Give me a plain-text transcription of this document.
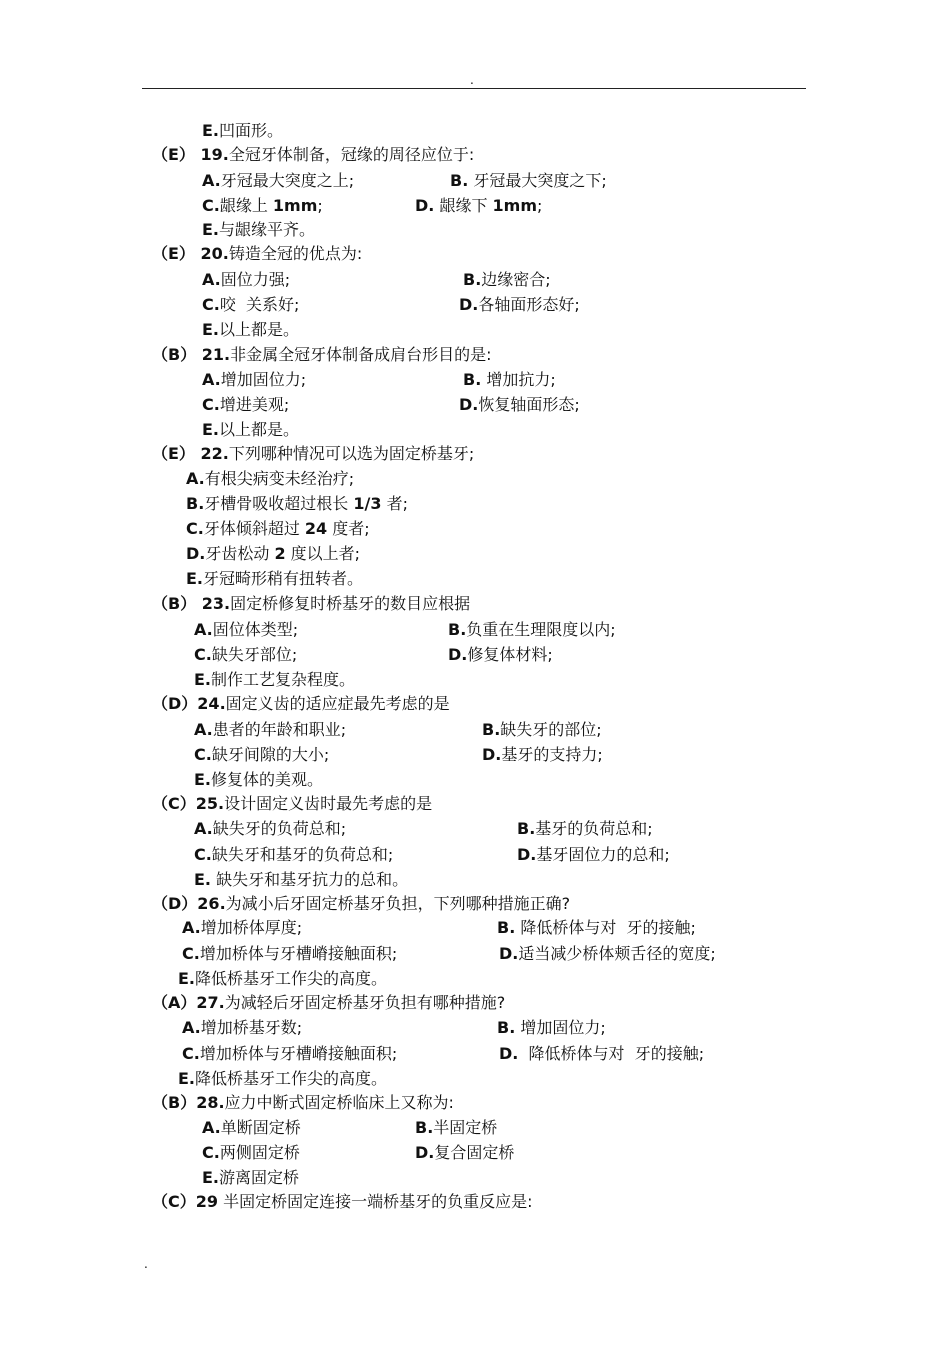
.
E.凹面形。
（E） 19.全冠牙体制备，冠缘的周径应位于:
A.牙冠最大突度之上;	B. 牙冠最大突度之下;
C.龈缘上 1mm;	D. 龈缘下 1mm;
E.与龈缘平齐。
（E） 20.铸造全冠的优点为:
A.固位力强;	B.边缘密合;
C.咬  关系好;	D.各轴面形态好;
E.以上都是。
（B） 21.非金属全冠牙体制备成肩台形目的是:
A.增加固位力;	B. 增加抗力;
C.增进美观;	D.恢复轴面形态;
E.以上都是。
（E） 22.下列哪种情况可以选为固定桥基牙;
A.有根尖病变未经治疗;
B.牙槽骨吸收超过根长 1/3 者;
C.牙体倾斜超过 24 度者;
D.牙齿松动 2 度以上者;
E.牙冠畸形稍有扭转者。
（B） 23.固定桥修复时桥基牙的数目应根据
A.固位体类型;	B.负重在生理限度以内;
C.缺失牙部位;	D.修复体材料;
E.制作工艺复杂程度。
（D）24.固定义齿的适应症最先考虑的是
A.患者的年龄和职业;	B.缺失牙的部位;
C.缺牙间隙的大小;	D.基牙的支持力;
E.修复体的美观。
（C）25.设计固定义齿时最先考虑的是
A.缺失牙的负荷总和;	B.基牙的负荷总和;
C.缺失牙和基牙的负荷总和;	D.基牙固位力的总和;
E. 缺失牙和基牙抗力的总和。
（D）26.为减小后牙固定桥基牙负担，下列哪种措施正确?
A.增加桥体厚度;	B. 降低桥体与对  牙的接触;
C.增加桥体与牙槽嵴接触面积;	D.适当减少桥体颊舌径的宽度;
E.降低桥基牙工作尖的高度。
（A）27.为减轻后牙固定桥基牙负担有哪种措施?
A.增加桥基牙数;	B. 增加固位力;
C.增加桥体与牙槽嵴接触面积;	D.  降低桥体与对  牙的接触;
E.降低桥基牙工作尖的高度。
（B）28.应力中断式固定桥临床上又称为:
A.单断固定桥	B.半固定桥
C.两侧固定桥	D.复合固定桥
E.游离固定桥
（C）29 半固定桥固定连接一端桥基牙的负重反应是:
.
